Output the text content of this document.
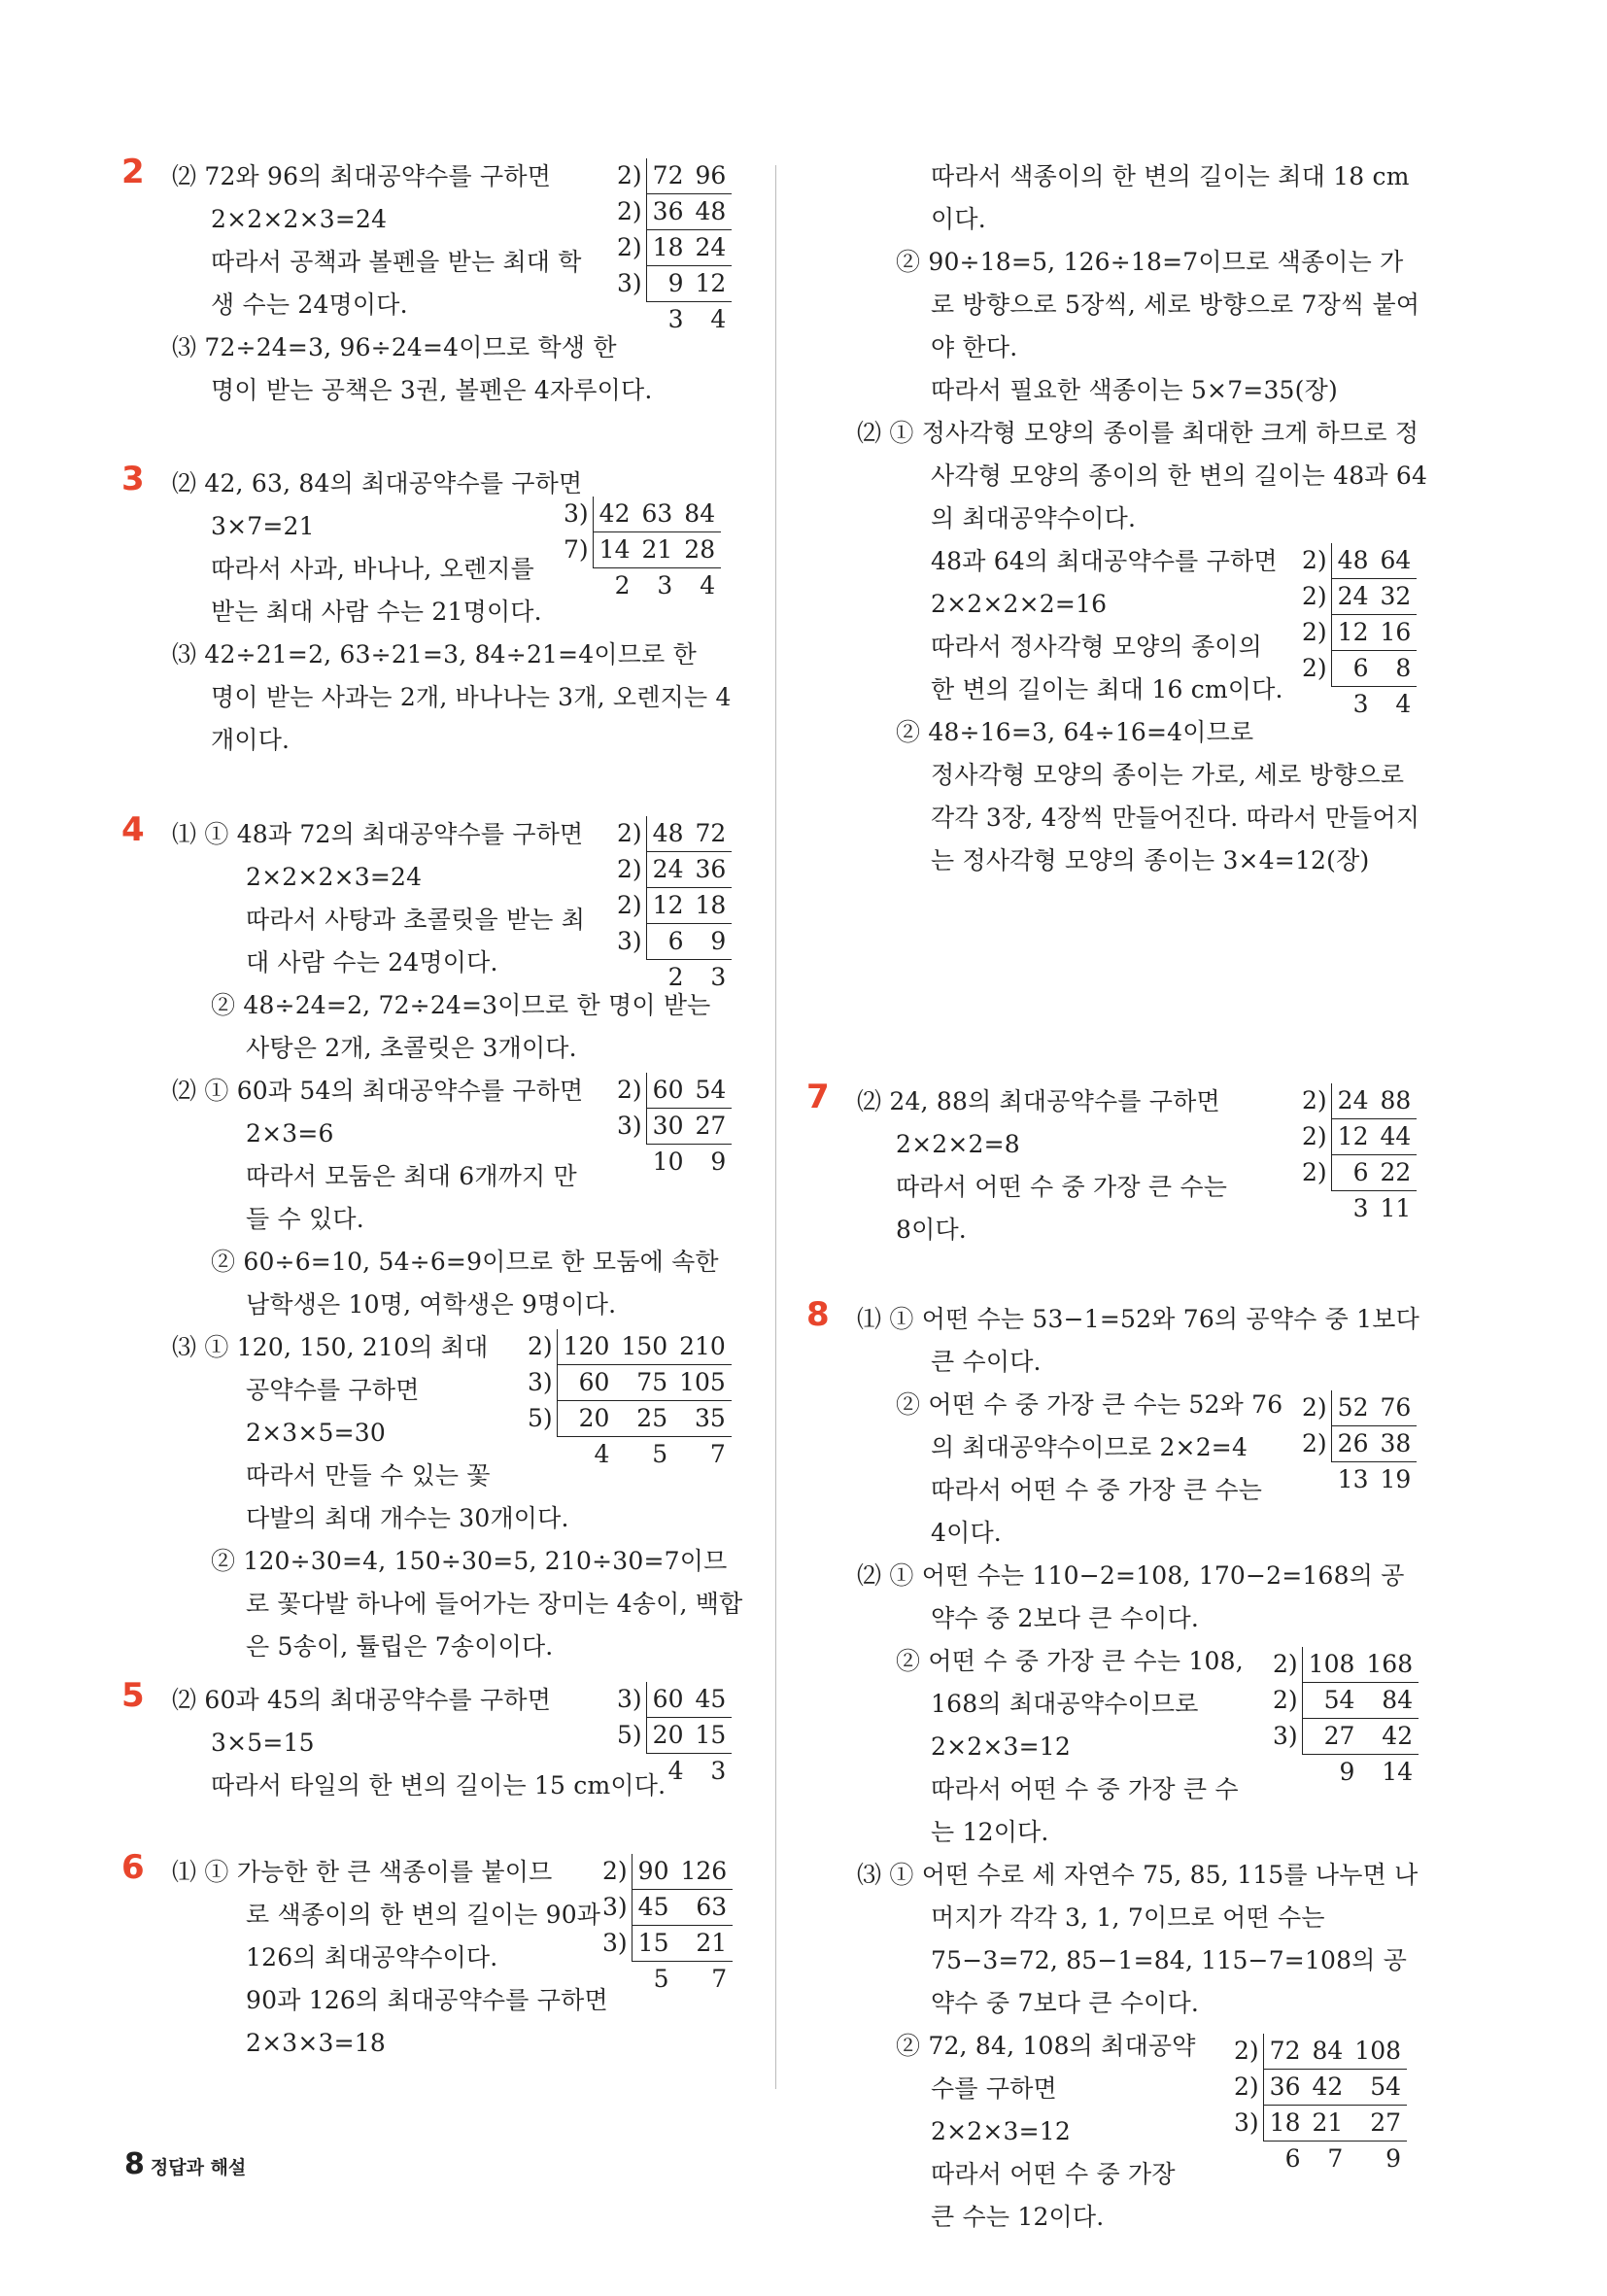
2 ⑵ 72와 96의 최대공약수를 구하면
2×2×2×3=24
따라서 공책과 볼펜을 받는 최대 학
생 수는 24명이다.
⑶ 72÷24=3, 96÷24=4이므로 학생 한
명이 받는 공책은 3권, 볼펜은 4자루이다.
2)	72	96
2)	36	48
2)	18	24
3)	9	12
	3	4
3 ⑵ 42, 63, 84의 최대공약수를 구하면
3×7=21
따라서 사과, 바나나, 오렌지를
받는 최대 사람 수는 21명이다.
⑶ 42÷21=2, 63÷21=3, 84÷21=4이므로 한
명이 받는 사과는 2개, 바나나는 3개, 오렌지는 4
개이다.
3)	42	63	84
7)	14	21	28
	2	3	4
4 ⑴ ① 48과 72의 최대공약수를 구하면
2×2×2×3=24
따라서 사탕과 초콜릿을 받는 최
대 사람 수는 24명이다.
② 48÷24=2, 72÷24=3이므로 한 명이 받는
사탕은 2개, 초콜릿은 3개이다.
⑵ ① 60과 54의 최대공약수를 구하면
2×3=6
따라서 모둠은 최대 6개까지 만
들 수 있다.
② 60÷6=10, 54÷6=9이므로 한 모둠에 속한
남학생은 10명, 여학생은 9명이다.
⑶ ① 120, 150, 210의 최대
공약수를 구하면
2×3×5=30
따라서 만들 수 있는 꽃
다발의 최대 개수는 30개이다.
② 120÷30=4, 150÷30=5, 210÷30=7이므
로 꽃다발 하나에 들어가는 장미는 4송이, 백합
은 5송이, 튤립은 7송이이다.
2)	48	72
2)	24	36
2)	12	18
3)	6	9
	2	3
2)	60	54
3)	30	27
	10	9
2)	120	150	210
3)	60	75	105
5)	20	25	35
	4	5	7
5 ⑵ 60과 45의 최대공약수를 구하면
3×5=15
따라서 타일의 한 변의 길이는 15 cm이다.
3)	60	45
5)	20	15
	4	3
6 ⑴ ① 가능한 한 큰 색종이를 붙이므
로 색종이의 한 변의 길이는 90과
126의 최대공약수이다.
90과 126의 최대공약수를 구하면
2×3×3=18
2)	90	126
3)	45	63
3)	15	21
	5	7
따라서 색종이의 한 변의 길이는 최대 18 cm
이다.
② 90÷18=5, 126÷18=7이므로 색종이는 가
로 방향으로 5장씩, 세로 방향으로 7장씩 붙여
야 한다.
따라서 필요한 색종이는 5×7=35(장)
⑵ ① 정사각형 모양의 종이를 최대한 크게 하므로 정
사각형 모양의 종이의 한 변의 길이는 48과 64
의 최대공약수이다.
48과 64의 최대공약수를 구하면
2×2×2×2=16
따라서 정사각형 모양의 종이의
한 변의 길이는 최대 16 cm이다.
② 48÷16=3, 64÷16=4이므로
정사각형 모양의 종이는 가로, 세로 방향으로
각각 3장, 4장씩 만들어진다. 따라서 만들어지
는 정사각형 모양의 종이는 3×4=12(장)
2)	48	64
2)	24	32
2)	12	16
2)	6	8
	3	4
7 ⑵ 24, 88의 최대공약수를 구하면
2×2×2=8
따라서 어떤 수 중 가장 큰 수는
8이다.
2)	24	88
2)	12	44
2)	6	22
	3	11
8 ⑴ ① 어떤 수는 53−1=52와 76의 공약수 중 1보다
큰 수이다.
② 어떤 수 중 가장 큰 수는 52와 76
의 최대공약수이므로 2×2=4
따라서 어떤 수 중 가장 큰 수는
4이다.
⑵ ① 어떤 수는 110−2=108, 170−2=168의 공
약수 중 2보다 큰 수이다.
② 어떤 수 중 가장 큰 수는 108,
168의 최대공약수이므로
2×2×3=12
따라서 어떤 수 중 가장 큰 수
는 12이다.
⑶ ① 어떤 수로 세 자연수 75, 85, 115를 나누면 나
머지가 각각 3, 1, 7이므로 어떤 수는
75−3=72, 85−1=84, 115−7=108의 공
약수 중 7보다 큰 수이다.
② 72, 84, 108의 최대공약
수를 구하면
2×2×3=12
따라서 어떤 수 중 가장
큰 수는 12이다.
2)	52	76
2)	26	38
	13	19
2)	108	168
2)	54	84
3)	27	42
	9	14
2)	72	84	108
2)	36	42	54
3)	18	21	27
	6	7	9
8 정답과 해설
